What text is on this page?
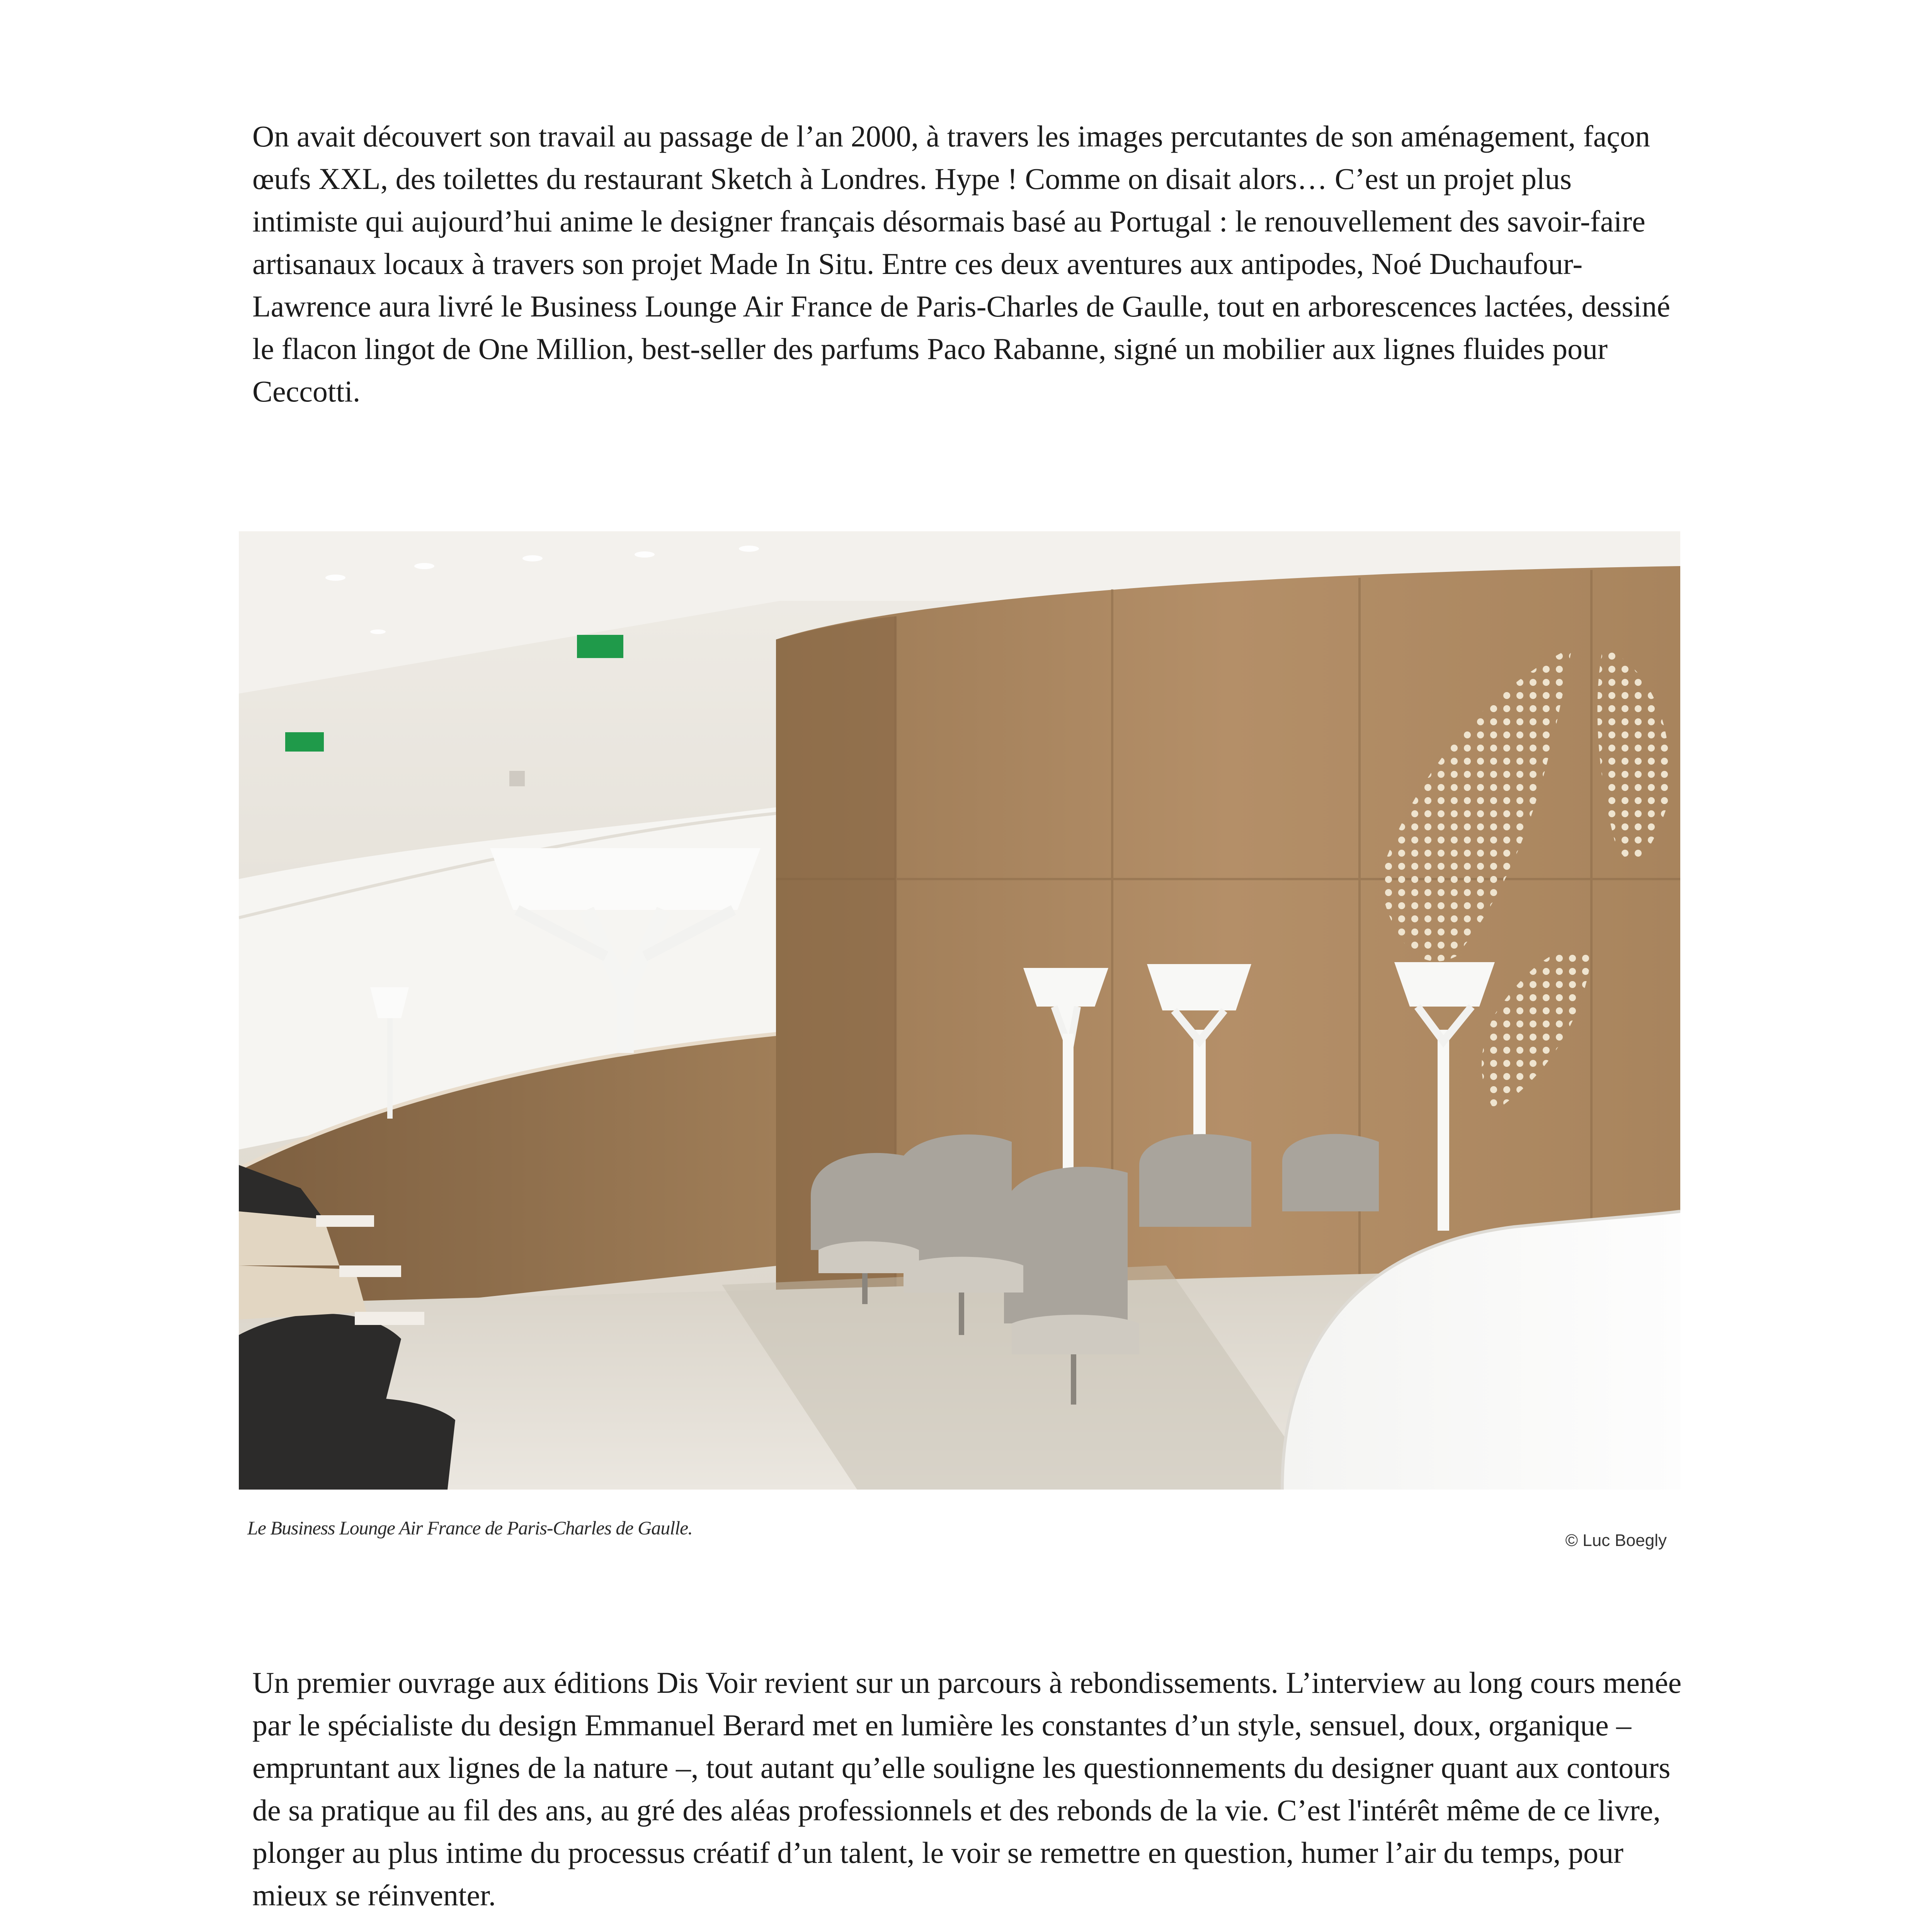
On avait découvert son travail au passage de l’an 2000, à travers les images percutantes de son aménagement, façon œufs XXL, des toilettes du restaurant Sketch à Londres. Hype ! Comme on disait alors… C’est un projet plus intimiste qui aujourd’hui anime le designer français désormais basé au Portugal : le renouvellement des savoir-faire artisanaux locaux à travers son projet Made In Situ. Entre ces deux aventures aux antipodes, Noé Duchaufour-Lawrence aura livré le Business Lounge Air France de Paris-Charles de Gaulle, tout en arborescences lactées, dessiné le flacon lingot de One Million, best-seller des parfums Paco Rabanne, signé un mobilier aux lignes fluides pour Ceccotti.

Le Business Lounge Air France de Paris-Charles de Gaulle.
© Luc Boegly

Un premier ouvrage aux éditions Dis Voir revient sur un parcours à rebondissements. L’interview au long cours menée par le spécialiste du design Emmanuel Berard met en lumière les constantes d’un style, sensuel, doux, organique – empruntant aux lignes de la nature –, tout autant qu’elle souligne les questionnements du designer quant aux contours de sa pratique au fil des ans, au gré des aléas professionnels et des rebonds de la vie. C’est l'intérêt même de ce livre, plonger au plus intime du processus créatif d’un talent, le voir se remettre en question, humer l’air du temps, pour mieux se réinventer.
